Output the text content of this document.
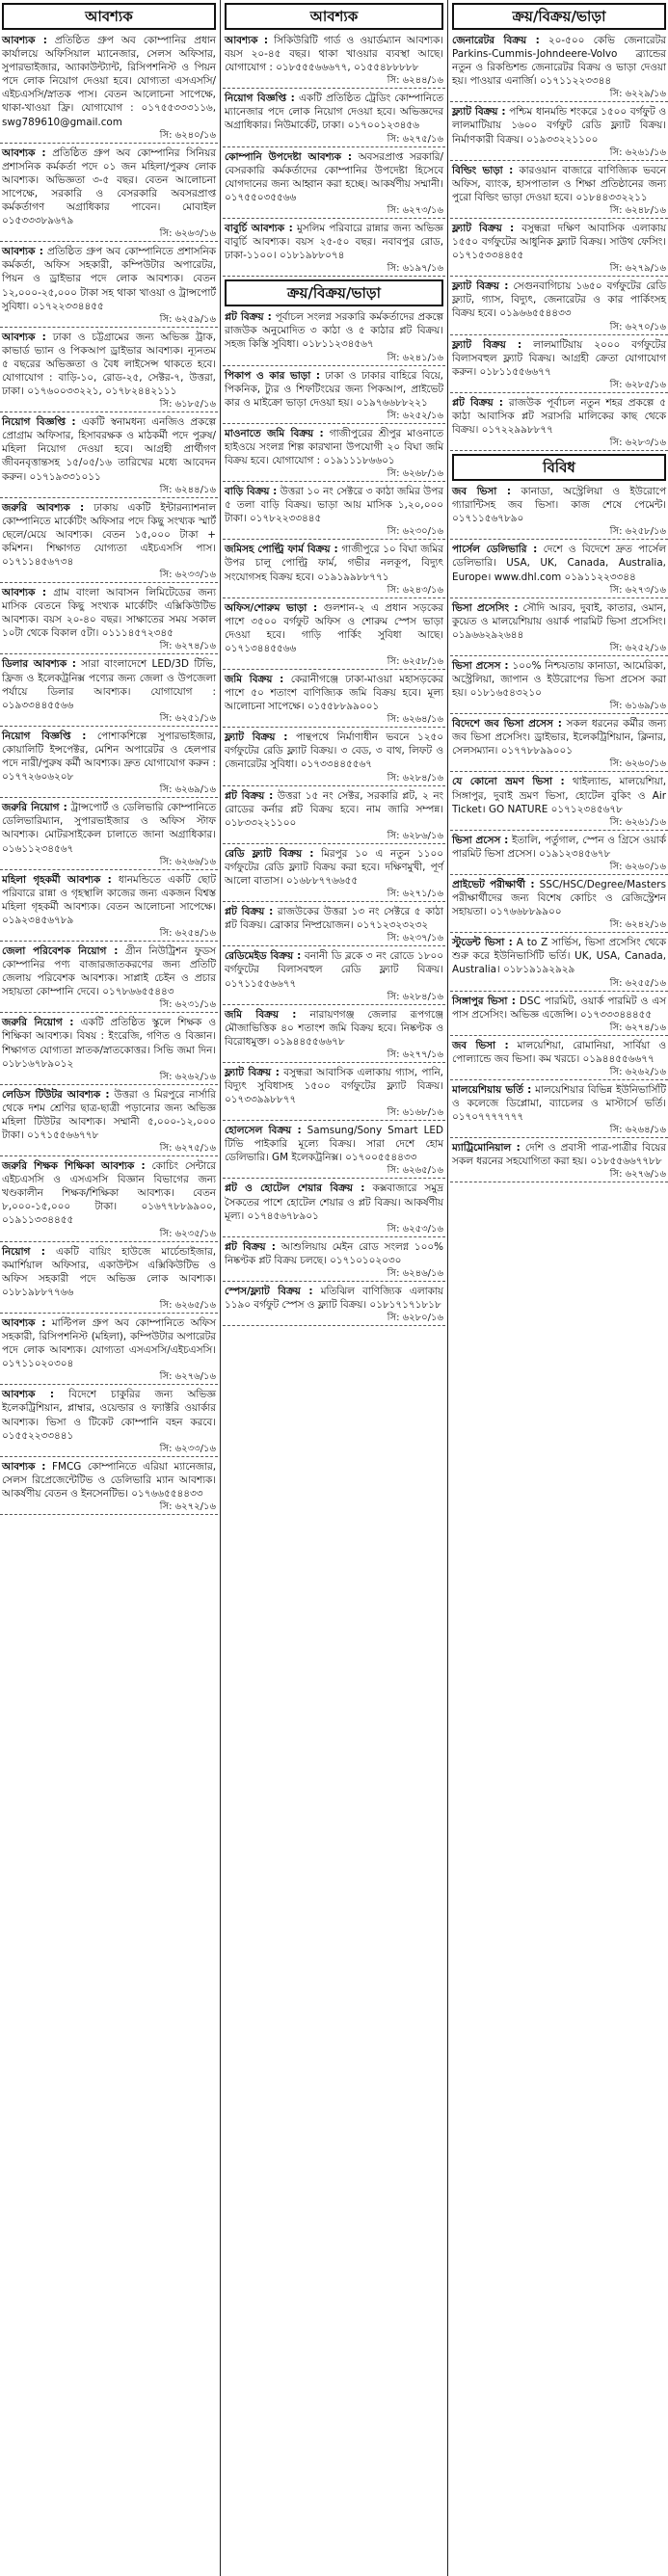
আবশ্যক
আবশ্যক : প্রতিষ্ঠিত গ্রুপ অব কোম্পানির প্রধান কার্যালয়ে অফিসিয়াল ম্যানেজার, সেলস অফিসার, সুপারভাইজার, অ্যাকাউন্ট্যান্ট, রিসিপশনিস্ট ও পিয়ন পদে লোক নিয়োগ দেওয়া হবে। যোগ্যতা এসএসসি/এইচএসসি/স্নাতক পাস। বেতন আলোচনা সাপেক্ষে, থাকা-খাওয়া ফ্রি। যোগাযোগ : ০১৭৫৫৩৩৩১১৬, swg789610@gmail.com
সি: ৬২৪০/১৬
আবশ্যক : প্রতিষ্ঠিত গ্রুপ অব কোম্পানির সিনিয়র প্রশাসনিক কর্মকর্তা পদে ০১ জন মহিলা/পুরুষ লোক আবশ্যক। অভিজ্ঞতা ৩-৫ বছর। বেতন আলোচনা সাপেক্ষে, সরকারি ও বেসরকারি অবসরপ্রাপ্ত কর্মকর্তাগণ অগ্রাধিকার পাবেন। মোবাইল ০১৫৩৩৩৮৯৬৭৯
সি: ৬২৬৩/১৬
আবশ্যক : প্রতিষ্ঠিত গ্রুপ অব কোম্পানিতে প্রশাসনিক কর্মকর্তা, অফিস সহকারী, কম্পিউটার অপারেটর, পিয়ন ও ড্রাইভার পদে লোক আবশ্যক। বেতন ১২,০০০-২৫,০০০ টাকা সহ থাকা খাওয়া ও ট্রান্সপোর্ট সুবিধা। ০১৭২২৩৩৪৪৫৫
সি: ৬২৫৯/১৬
আবশ্যক : ঢাকা ও চট্টগ্রামের জন্য অভিজ্ঞ ট্রাক, কাভার্ড ভ্যান ও পিকআপ ড্রাইভার আবশ্যক। ন্যূনতম ৫ বছরের অভিজ্ঞতা ও বৈধ লাইসেন্স থাকতে হবে। যোগাযোগ : বাড়ি-১০, রোড-২৫, সেক্টর-৭, উত্তরা, ঢাকা। ০১৭৬০০৩৩২২১, ০১৭৮২৪৪২১১১
সি: ৬১৮৫/১৬
নিয়োগ বিজ্ঞপ্তি : একটি স্বনামধন্য এনজিও প্রকল্পে প্রোগ্রাম অফিসার, হিসাবরক্ষক ও মাঠকর্মী পদে পুরুষ/মহিলা নিয়োগ দেওয়া হবে। আগ্রহী প্রার্থীগণ জীবনবৃত্তান্তসহ ১৫/০৫/১৬ তারিখের মধ্যে আবেদন করুন। ০১৭১৯৩৩১০১১
সি: ৬২৪৪/১৬
জরুরি আবশ্যক : ঢাকায় একটি ইন্টারন্যাশনাল কোম্পানিতে মার্কেটিং অফিসার পদে কিছু সংখ্যক স্মার্ট ছেলে/মেয়ে আবশ্যক। বেতন ১৫,০০০ টাকা + কমিশন। শিক্ষাগত যোগ্যতা এইচএসসি পাস। ০১৭১১৪৫৬৭৩৪
সি: ৬২৩৩/১৬
আবশ্যক : গ্রাম বাংলা আবাসন লিমিটেডের জন্য মাসিক বেতনে কিছু সংখ্যক মার্কেটিং এক্সিকিউটিভ আবশ্যক। বয়স ২০-৪০ বছর। সাক্ষাতের সময় সকাল ১০টা থেকে বিকাল ৫টা। ০১১১৪৫৭২৩৪৫
সি: ৬২৭৪/১৬
ডিলার আবশ্যক : সারা বাংলাদেশে LED/3D টিভি, ফ্রিজ ও ইলেকট্রনিক্স পণ্যের জন্য জেলা ও উপজেলা পর্যায়ে ডিলার আবশ্যক। যোগাযোগ : ০১৯৩৩৪৪৫৫৬৬
সি: ৬২৫১/১৬
নিয়োগ বিজ্ঞপ্তি : পোশাকশিল্পে সুপারভাইজার, কোয়ালিটি ইন্সপেক্টর, মেশিন অপারেটর ও হেলপার পদে নারী/পুরুষ কর্মী আবশ্যক। দ্রুত যোগাযোগ করুন : ০১৭৭২৬০৬২০৮
সি: ৬২৬৯/১৬
জরুরি নিয়োগ : ট্রান্সপোর্ট ও ডেলিভারি কোম্পানিতে ডেলিভারিম্যান, সুপারভাইজার ও অফিস স্টাফ আবশ্যক। মোটরসাইকেল চালাতে জানা অগ্রাধিকার। ০১৬১১২৩৪৫৬৭
সি: ৬২৬৬/১৬
মহিলা গৃহকর্মী আবশ্যক : ধানমন্ডিতে একটি ছোট পরিবারে রান্না ও গৃহস্থালি কাজের জন্য একজন বিশ্বস্ত মহিলা গৃহকর্মী আবশ্যক। বেতন আলোচনা সাপেক্ষে। ০১৯২৩৪৫৬৭৮৯
সি: ৬২৫৪/১৬
জেলা পরিবেশক নিয়োগ : গ্রীন নিউট্রিশন ফুডস কোম্পানির পণ্য বাজারজাতকরণের জন্য প্রতিটি জেলায় পরিবেশক আবশ্যক। সাপ্লাই চেইন ও প্রচার সহায়তা কোম্পানি দেবে। ০১৭৮৬৬৫৫৪৪৩
সি: ৬২৩১/১৬
জরুরি নিয়োগ : একটি প্রতিষ্ঠিত স্কুলে শিক্ষক ও শিক্ষিকা আবশ্যক। বিষয় : ইংরেজি, গণিত ও বিজ্ঞান। শিক্ষাগত যোগ্যতা স্নাতক/স্নাতকোত্তর। সিভি জমা দিন। ০১৮১৬৭৮৯০১২
সি: ৬২৬২/১৬
লেডিস টিউটর আবশ্যক : উত্তরা ও মিরপুরে নার্সারি থেকে দশম শ্রেণির ছাত্র-ছাত্রী পড়ানোর জন্য অভিজ্ঞ মহিলা টিউটর আবশ্যক। সম্মানী ৫,০০০-১২,০০০ টাকা। ০১৭১৫৫৬৬৭৭৮
সি: ৬২৭৫/১৬
জরুরি শিক্ষক শিক্ষিকা আবশ্যক : কোচিং সেন্টারে এইচএসসি ও এসএসসি বিজ্ঞান বিভাগের জন্য খণ্ডকালীন শিক্ষক/শিক্ষিকা আবশ্যক। বেতন ৮,০০০-১৫,০০০ টাকা। ০১৬৭৭৮৮৯৯০০, ০১৯১১৩৩৪৪৫৫
সি: ৬২৩৫/১৬
নিয়োগ : একটি বায়িং হাউজে মার্চেন্ডাইজার, কমার্শিয়াল অফিসার, একাউন্টস এক্সিকিউটিভ ও অফিস সহকারী পদে অভিজ্ঞ লোক আবশ্যক। ০১৮১৯৮৮৭৭৬৬
সি: ৬২৬৫/১৬
আবশ্যক : মাল্টিপল গ্রুপ অব কোম্পানিতে অফিস সহকারী, রিসিপশনিস্ট (মহিলা), কম্পিউটার অপারেটর পদে লোক আবশ্যক। যোগ্যতা এসএসসি/এইচএসসি। ০১৭১১০২০৩০৪
সি: ৬২৭৬/১৬
আবশ্যক : বিদেশে চাকুরির জন্য অভিজ্ঞ ইলেকট্রিশিয়ান, প্লাম্বার, ওয়েল্ডার ও ফ্যাক্টরি ওয়ার্কার আবশ্যক। ভিসা ও টিকেট কোম্পানি বহন করবে। ০১৫৫২২৩৩৪৪১
সি: ৬২৩৩/১৬
আবশ্যক : FMCG কোম্পানিতে এরিয়া ম্যানেজার, সেলস রিপ্রেজেন্টেটিভ ও ডেলিভারি ম্যান আবশ্যক। আকর্ষণীয় বেতন ও ইনসেনটিভ। ০১৭৬৬৫৫৪৪৩৩
সি: ৬২৭২/১৬
আবশ্যক
আবশ্যক : সিকিউরিটি গার্ড ও ওয়ার্ডম্যান আবশ্যক। বয়স ২০-৪৫ বছর। থাকা খাওয়ার ব্যবস্থা আছে। যোগাযোগ : ০১৮৫৫৫৬৬৬৭৭, ০১৫৫৪৮৮৮৮৮
সি: ৬২৪৪/১৬
নিয়োগ বিজ্ঞপ্তি : একটি প্রতিষ্ঠিত ট্রেডিং কোম্পানিতে ম্যানেজার পদে লোক নিয়োগ দেওয়া হবে। অভিজ্ঞদের অগ্রাধিকার। নিউমার্কেট, ঢাকা। ০১৭০০১২৩৪৫৬
সি: ৬২৭৫/১৬
কোম্পানি উপদেষ্টা আবশ্যক : অবসরপ্রাপ্ত সরকারি/বেসরকারি কর্মকর্তাদের কোম্পানির উপদেষ্টা হিসেবে যোগদানের জন্য আহ্বান করা হচ্ছে। আকর্ষণীয় সম্মানী। ০১৭৫৫০৩৫৫৬৬
সি: ৬২৭৩/১৬
বাবুর্চি আবশ্যক : মুসলিম পরিবারে রান্নার জন্য অভিজ্ঞ বাবুর্চি আবশ্যক। বয়স ২৫-৫০ বছর। নবাবপুর রোড, ঢাকা-১১০০। ০১৮১৯৮৮০৭৪
সি: ৬১৯৭/১৬
ক্রয়/বিক্রয়/ভাড়া
প্লট বিক্রয় : পূর্বাচল সংলগ্ন সরকারি কর্মকর্তাদের প্রকল্পে রাজউক অনুমোদিত ৩ কাঠা ও ৫ কাঠার প্লট বিক্রয়। সহজ কিস্তি সুবিধা। ০১৮১১২৩৪৫৬৭
সি: ৬২৪১/১৬
পিকাপ ও কার ভাড়া : ঢাকা ও ঢাকার বাহিরে বিয়ে, পিকনিক, ট্যুর ও শিফটিংয়ের জন্য পিকআপ, প্রাইভেট কার ও মাইক্রো ভাড়া দেওয়া হয়। ০১৯৭৬৬৮৮২২১
সি: ৬২৫২/১৬
মাওনাতে জমি বিক্রয় : গাজীপুরের শ্রীপুর মাওনাতে হাইওয়ে সংলগ্ন শিল্প কারখানা উপযোগী ২০ বিঘা জমি বিক্রয় হবে। যোগাযোগ : ০১৯১১১৮৬৬০১
সি: ৬২৬৮/১৬
বাড়ি বিক্রয় : উত্তরা ১০ নং সেক্টরে ৩ কাঠা জমির উপর ৫ তলা বাড়ি বিক্রয়। ভাড়া আয় মাসিক ১,২০,০০০ টাকা। ০১৭৮২২৩৩৪৪৫
সি: ৬২৩০/১৬
জমিসহ পোল্ট্রি ফার্ম বিক্রয় : গাজীপুরে ১০ বিঘা জমির উপর চালু পোল্ট্রি ফার্ম, গভীর নলকূপ, বিদ্যুৎ সংযোগসহ বিক্রয় হবে। ০১৯১৯৯৮৮৭৭১
সি: ৬২৪৩/১৬
অফিস/শোরুম ভাড়া : গুলশান-২ এ প্রধান সড়কের পাশে ৩৫০০ বর্গফুট অফিস ও শোরুম স্পেস ভাড়া দেওয়া হবে। গাড়ি পার্কিং সুবিধা আছে। ০১৭১৩৪৪৫৫৬৬
সি: ৬২৫৮/১৬
জমি বিক্রয় : কেরানীগঞ্জে ঢাকা-মাওয়া মহাসড়কের পাশে ৫০ শতাংশ বাণিজ্যিক জমি বিক্রয় হবে। মূল্য আলোচনা সাপেক্ষে। ০১৫৫৮৮৯৯০০১
সি: ৬২৬৪/১৬
ফ্ল্যাট বিক্রয় : পান্থপথে নির্মাণাধীন ভবনে ১২৫০ বর্গফুটের রেডি ফ্ল্যাট বিক্রয়। ৩ বেড, ৩ বাথ, লিফট ও জেনারেটর সুবিধা। ০১৭৩৩৪৪৫৫৬৭
সি: ৬২৮৪/১৬
প্লট বিক্রয় : উত্তরা ১৫ নং সেক্টর, সরকারি প্লট, ২ নং রোডের কর্নার প্লট বিক্রয় হবে। নাম জারি সম্পন্ন। ০১৮৩৩২২১১০০
সি: ৬২৮৬/১৬
রেডি ফ্ল্যাট বিক্রয় : মিরপুর ১০ এ নতুন ১১০০ বর্গফুটের রেডি ফ্ল্যাট বিক্রয় করা হবে। দক্ষিণমুখী, পূর্ণ আলো বাতাস। ০১৬৮৮৭৭৬৬৫৫
সি: ৬২৭১/১৬
প্লট বিক্রয় : রাজউকের উত্তরা ১৩ নং সেক্টরে ৫ কাঠা প্লট বিক্রয়। ব্রোকার নিষ্প্রয়োজন। ০১৭১২৩২৩২৩২
সি: ৬২৩৭/১৬
রেডিমেইড বিক্রয় : বনানী ডি ব্লকে ৩ নং রোডে ১৮০০ বর্গফুটের বিলাসবহুল রেডি ফ্ল্যাট বিক্রয়। ০১৭১১৫৫৬৬৭৭
সি: ৬২৮৪/১৬
জমি বিক্রয় : নারায়ণগঞ্জ জেলার রূপগঞ্জে মৌজাভিত্তিক ৪০ শতাংশ জমি বিক্রয় হবে। নিষ্কণ্টক ও বিরোধমুক্ত। ০১৯৪৪৫৫৬৬৭৮
সি: ৬২৭৭/১৬
ফ্ল্যাট বিক্রয় : বসুন্ধরা আবাসিক এলাকায় গ্যাস, পানি, বিদ্যুৎ সুবিধাসহ ১৫০০ বর্গফুটের ফ্ল্যাট বিক্রয়। ০১৭৩৩৯৯৮৮৭৭
সি: ৬১৬৮/১৬
হোলসেল বিক্রয় : Samsung/Sony Smart LED টিভি পাইকারি মূল্যে বিক্রয়। সারা দেশে হোম ডেলিভারি। GM ইলেকট্রনিক্স। ০১৭০০৫৫৪৪৩৩
সি: ৬২৬৫/১৬
প্লট ও হোটেল শেয়ার বিক্রয় : কক্সবাজারে সমুদ্র সৈকতের পাশে হোটেল শেয়ার ও প্লট বিক্রয়। আকর্ষণীয় মূল্য। ০১৭৪৫৬৭৮৯০১
সি: ৬২৫৩/১৬
প্লট বিক্রয় : আশুলিয়ায় মেইন রোড সংলগ্ন ১০০% নিষ্কণ্টক প্লট বিক্রয় চলছে। ০১৭১০১০২০৩০
সি: ৬২৪৬/১৬
স্পেস/ফ্ল্যাট বিক্রয় : মতিঝিল বাণিজ্যিক এলাকায় ১১৯০ বর্গফুট স্পেস ও ফ্ল্যাট বিক্রয়। ০১৮১৭১৭১৮১৮
সি: ৬২৮০/১৬
ক্রয়/বিক্রয়/ভাড়া
জেনারেটর বিক্রয় : ২০-৫০০ কেভি জেনারেটর Parkins-Cummis-Johndeere-Volvo ব্র্যান্ডের নতুন ও রিকন্ডিশন্ড জেনারেটর বিক্রয় ও ভাড়া দেওয়া হয়। পাওয়ার এনার্জি। ০১৭১১২২৩৩৪৪
সি: ৬২২৯/১৬
ফ্ল্যাট বিক্রয় : পশ্চিম ধানমন্ডি শংকরে ১৫০০ বর্গফুট ও লালমাটিয়ায় ১৬০০ বর্গফুট রেডি ফ্ল্যাট বিক্রয়। নির্মাণকারী বিক্রয়। ০১৯৩৩২২১১০০
সি: ৬২৬১/১৬
বিল্ডিং ভাড়া : কারওয়ান বাজারে বাণিজ্যিক ভবনে অফিস, ব্যাংক, হাসপাতাল ও শিক্ষা প্রতিষ্ঠানের জন্য পুরো বিল্ডিং ভাড়া দেওয়া হবে। ০১৮৪৪৩৩২২১১
সি: ৬২৪৮/১৬
ফ্ল্যাট বিক্রয় : বসুন্ধরা দক্ষিণ আবাসিক এলাকায় ১৫৫০ বর্গফুটের আধুনিক ফ্ল্যাট বিক্রয়। সাউথ ফেসিং। ০১৭১৫৩৩৪৪৫৫
সি: ৬২৭৯/১৬
ফ্ল্যাট বিক্রয় : সেগুনবাগিচায় ১৬৫০ বর্গফুটের রেডি ফ্ল্যাট, গ্যাস, বিদ্যুৎ, জেনারেটর ও কার পার্কিংসহ বিক্রয় হবে। ০১৯৬৬৫৫৪৪৩৩
সি: ৬২৭০/১৬
ফ্ল্যাট বিক্রয় : লালমাটিয়ায় ২০০০ বর্গফুটের বিলাসবহুল ফ্ল্যাট বিক্রয়। আগ্রহী ক্রেতা যোগাযোগ করুন। ০১৮১১৫৫৬৬৭৭
সি: ৬২৮৫/১৬
প্লট বিক্রয় : রাজউক পূর্বাচল নতুন শহর প্রকল্পে ৫ কাঠা আবাসিক প্লট সরাসরি মালিকের কাছ থেকে বিক্রয়। ০১৭২২৯৯৮৮৭৭
সি: ৬২৮৩/১৬
বিবিধ
জব ভিসা : কানাডা, অস্ট্রেলিয়া ও ইউরোপে গ্যারান্টিসহ জব ভিসা। কাজ শেষে পেমেন্ট। ০১৭১১৫৬৭৮৯০
সি: ৬২৫৮/১৬
পার্সেল ডেলিভারি : দেশে ও বিদেশে দ্রুত পার্সেল ডেলিভারি। USA, UK, Canada, Australia, Europe। www.dhl.com ০১৯১১২২৩৩৪৪
সি: ৬২৭৩/১৬
ভিসা প্রসেসিং : সৌদি আরব, দুবাই, কাতার, ওমান, কুয়েত ও মালয়েশিয়ায় ওয়ার্ক পারমিট ভিসা প্রসেসিং। ০১৯৬৬২৯২৬৪৪
সি: ৬২৫২/১৬
ভিসা প্রসেস : ১০০% নিশ্চয়তায় কানাডা, আমেরিকা, অস্ট্রেলিয়া, জাপান ও ইউরোপের ভিসা প্রসেস করা হয়। ০১৮১৬৫৪৩২১০
সি: ৬১৬৯/১৬
বিদেশে জব ভিসা প্রসেস : সকল ধরনের কর্মীর জন্য জব ভিসা প্রসেসিং। ড্রাইভার, ইলেকট্রিশিয়ান, ক্লিনার, সেলসম্যান। ০১৭৭৮৮৯৯০০১
সি: ৬২৬০/১৬
যে কোনো ভ্রমণ ভিসা : থাইল্যান্ড, মালয়েশিয়া, সিঙ্গাপুর, দুবাই ভ্রমণ ভিসা, হোটেল বুকিং ও Air Ticket। GO NATURE ০১৭১২৩৪৫৬৭৮
সি: ৬২৬১/১৬
ভিসা প্রসেস : ইতালি, পর্তুগাল, স্পেন ও গ্রিসে ওয়ার্ক পারমিট ভিসা প্রসেস। ০১৯১২৩৪৫৬৭৮
সি: ৬২৬০/১৬
প্রাইভেট পরীক্ষার্থী : SSC/HSC/Degree/Masters পরীক্ষার্থীদের জন্য বিশেষ কোচিং ও রেজিস্ট্রেশন সহায়তা। ০১৭৬৬৮৮৯৯০০
সি: ৬২৪২/১৬
স্টুডেন্ট ভিসা : A to Z সার্ভিস, ভিসা প্রসেসিং থেকে শুরু করে ইউনিভার্সিটি ভর্তি। UK, USA, Canada, Australia। ০১৮১৯১৯২৯২৯
সি: ৬২৫৫/১৬
সিঙ্গাপুর ভিসা : DSC পারমিট, ওয়ার্ক পারমিট ও এস পাস প্রসেসিং। অভিজ্ঞ এজেন্সি। ০১৭৩৩৩৪৪৪৫৫
সি: ৬২৭৪/১৬
জব ভিসা : মালয়েশিয়া, রোমানিয়া, সার্বিয়া ও পোল্যান্ডে জব ভিসা। কম খরচে। ০১৯৪৪৫৫৬৬৭৭
সি: ৬২৬২/১৬
মালয়েশিয়ায় ভর্তি : মালয়েশিয়ার বিভিন্ন ইউনিভার্সিটি ও কলেজে ডিপ্লোমা, ব্যাচেলর ও মাস্টার্সে ভর্তি। ০১৭০৭৭৭৭৭৭৭
সি: ৬২৬৪/১৬
ম্যাট্রিমোনিয়াল : দেশি ও প্রবাসী পাত্র-পাত্রীর বিয়ের সকল ধরনের সহযোগিতা করা হয়। ০১৮৫৫৬৬৭৭৮৮
সি: ৬২৭৬/১৬
